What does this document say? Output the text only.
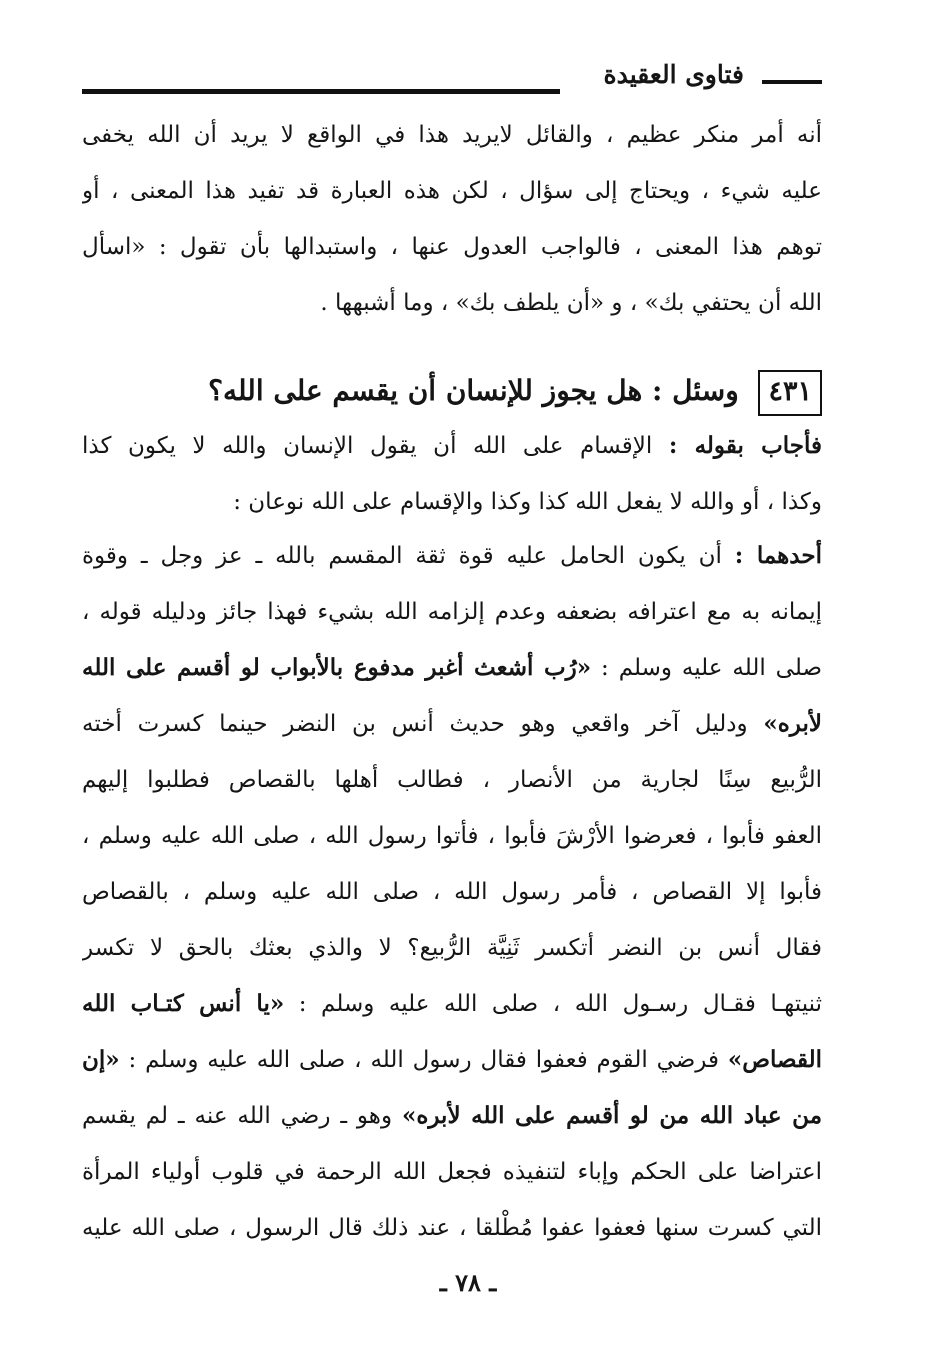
فتاوى العقيدة
أنه أمر منكر عظيم ، والقائل لايريد هذا في الواقع لا يريد أن الله يخفى
عليه شيء ، ويحتاج إلى سؤال ، لكن هذه العبارة قد تفيد هذا المعنى ، أو
توهم هذا المعنى ، فالواجب العدول عنها ، واستبدالها بأن تقول : «اسأل
الله أن يحتفي بك» ، و «أن يلطف بك» ، وما أشبهها .
٤٣١ وسئل : هل يجوز للإنسان أن يقسم على الله؟
فأجاب بقوله : الإقسام على الله أن يقول الإنسان والله لا يكون كذا
وكذا ، أو والله لا يفعل الله كذا وكذا والإقسام على الله نوعان :
أحدهما : أن يكون الحامل عليه قوة ثقة المقسم بالله ـ عز وجل ـ وقوة
إيمانه به مع اعترافه بضعفه وعدم إلزامه الله بشيء فهذا جائز ودليله قوله ،
صلى الله عليه وسلم : «رُب أشعث أغبر مدفوع بالأبواب لو أقسم على الله
لأبره» ودليل آخر واقعي وهو حديث أنس بن النضر حينما كسرت أخته
الرُّبيع سِنًا لجارية من الأنصار ، فطالب أهلها بالقصاص فطلبوا إليهم
العفو فأبوا ، فعرضوا الأرْشَ فأبوا ، فأتوا رسول الله ، صلى الله عليه وسلم ،
فأبوا إلا القصاص ، فأمر رسول الله ، صلى الله عليه وسلم ، بالقصاص
فقال أنس بن النضر أتكسر ثَنِيَّة الرُّبيع؟ لا والذي بعثك بالحق لا تكسر
ثنيتهـا فقـال رسـول الله ، صلى الله عليه وسلم : «يا أنس كتـاب الله
القصاص» فرضي القوم فعفوا فقال رسول الله ، صلى الله عليه وسلم : «إن
من عباد الله من لو أقسم على الله لأبره» وهو ـ رضي الله عنه ـ لم يقسم
اعتراضا على الحكم وإباء لتنفيذه فجعل الله الرحمة في قلوب أولياء المرأة
التي كسرت سنها فعفوا عفوا مُطْلقا ، عند ذلك قال الرسول ، صلى الله عليه
ـ ٧٨ ـ
